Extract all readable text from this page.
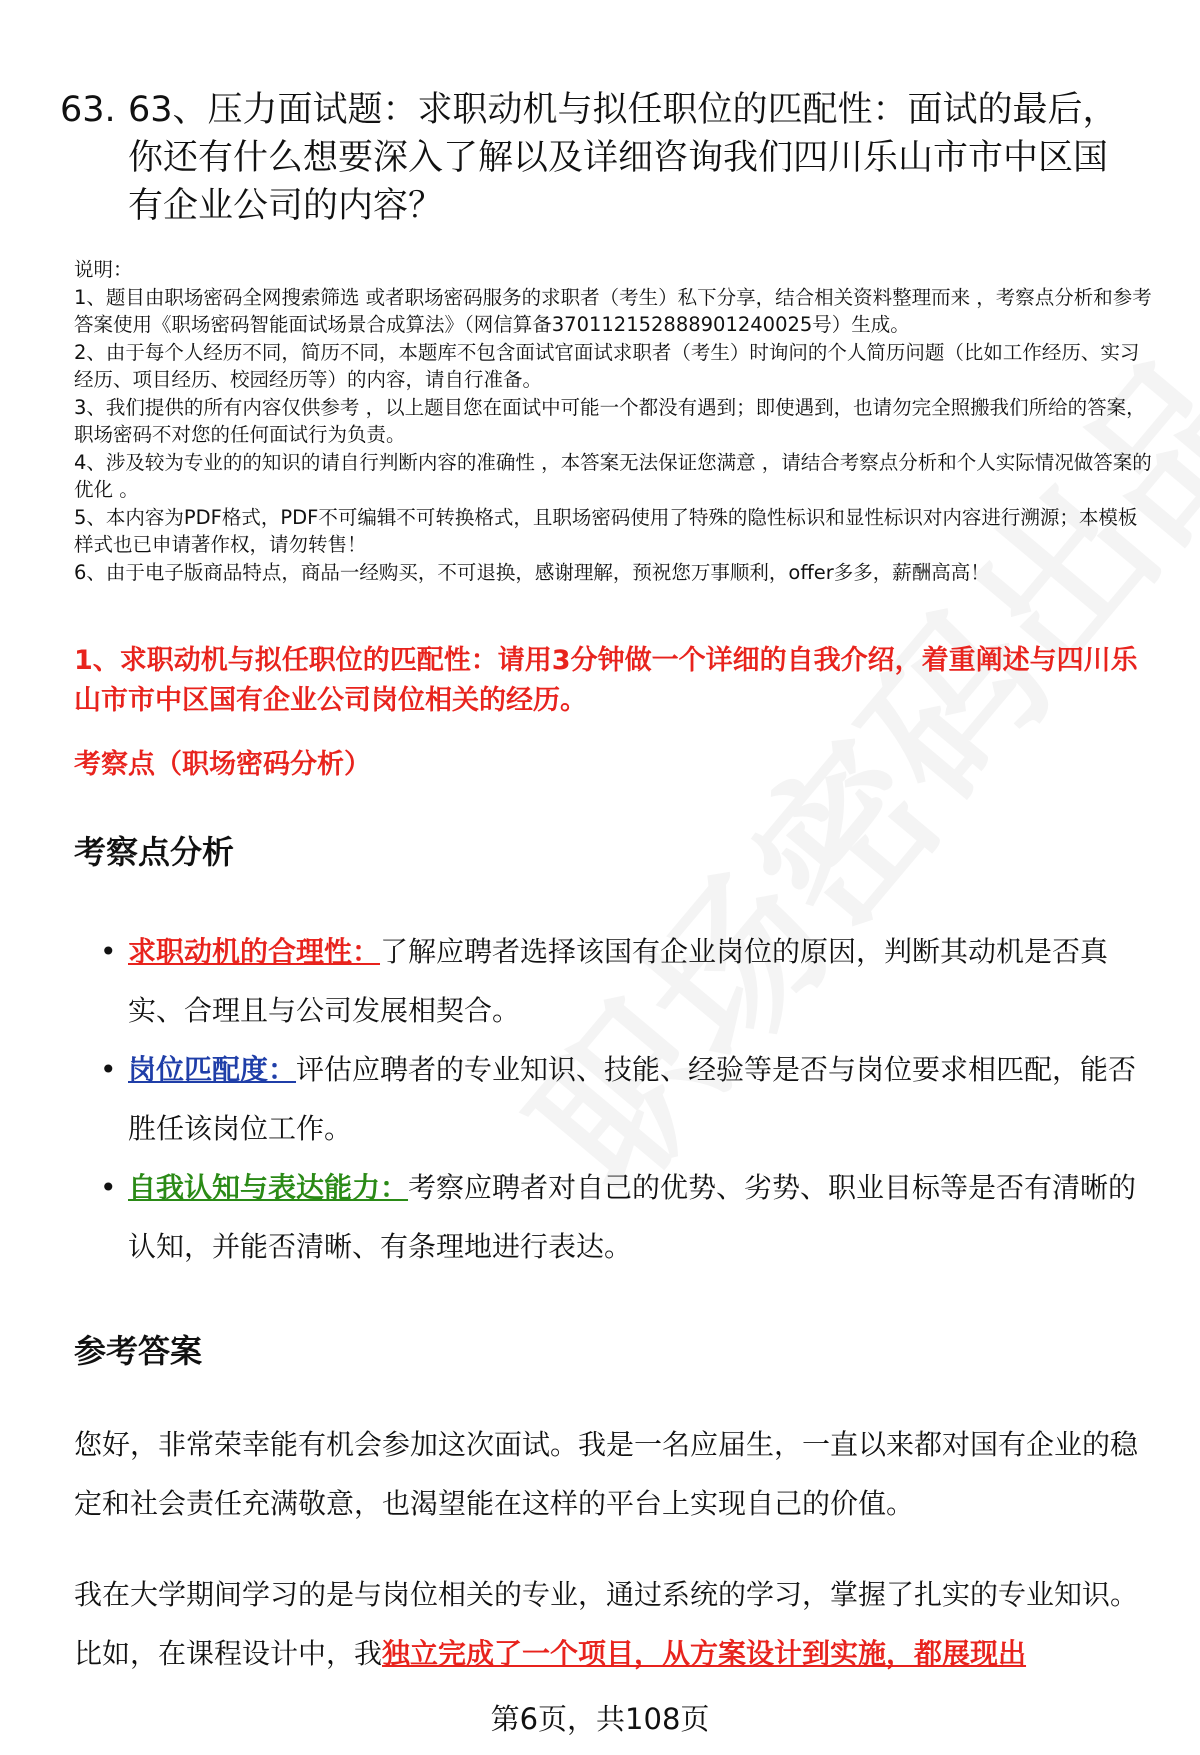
63. 63、压力面试题：求职动机与拟任职位的匹配性：面试的最后，你还有什么想要深入了解以及详细咨询我们四川乐山市市中区国有企业公司的内容？
说明：
1、题目由职场密码全网搜索筛选 或者职场密码服务的求职者（考生）私下分享，结合相关资料整理而来 ，考察点分析和参考答案使用《职场密码智能面试场景合成算法》（网信算备370112152888901240025号）生成。
2、由于每个人经历不同，简历不同，本题库不包含面试官面试求职者（考生）时询问的个人简历问题（比如工作经历、实习经历、项目经历、校园经历等）的内容，请自行准备。
3、我们提供的所有内容仅供参考 ，以上题目您在面试中可能一个都没有遇到；即使遇到，也请勿完全照搬我们所给的答案，职场密码不对您的任何面试行为负责。
4、涉及较为专业的的知识的请自行判断内容的准确性 ，本答案无法保证您满意 ，请结合考察点分析和个人实际情况做答案的优化 。
5、本内容为PDF格式，PDF不可编辑不可转换格式，且职场密码使用了特殊的隐性标识和显性标识对内容进行溯源；本模板样式也已申请著作权，请勿转售！
6、由于电子版商品特点，商品一经购买，不可退换，感谢理解，预祝您万事顺利，offer多多，薪酬高高！
1、求职动机与拟任职位的匹配性：请用3分钟做一个详细的自我介绍，着重阐述与四川乐山市市中区国有企业公司岗位相关的经历。
考察点（职场密码分析）
考察点分析
• 求职动机的合理性：了解应聘者选择该国有企业岗位的原因，判断其动机是否真实、合理且与公司发展相契合。
• 岗位匹配度：评估应聘者的专业知识、技能、经验等是否与岗位要求相匹配，能否胜任该岗位工作。
• 自我认知与表达能力：考察应聘者对自己的优势、劣势、职业目标等是否有清晰的认知，并能否清晰、有条理地进行表达。
参考答案
您好，非常荣幸能有机会参加这次面试。我是一名应届生，一直以来都对国有企业的稳定和社会责任充满敬意，也渴望能在这样的平台上实现自己的价值。
我在大学期间学习的是与岗位相关的专业，通过系统的学习，掌握了扎实的专业知识。比如，在课程设计中，我独立完成了一个项目，从方案设计到实施，都展现出
第6页，共108页
